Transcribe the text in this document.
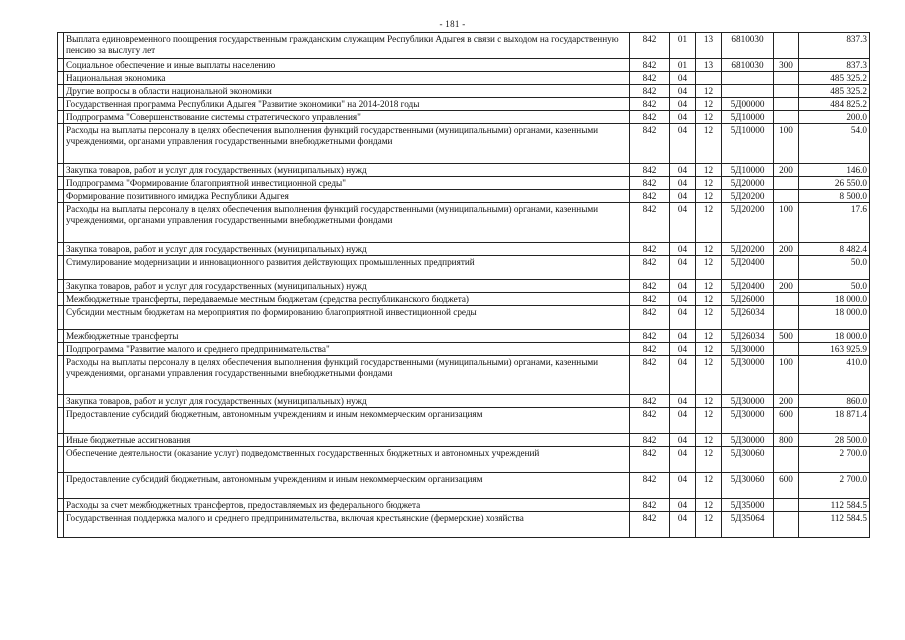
- 181 -
	Выплата единовременного поощрения государственным гражданским служащим Республики Адыгея в связи с выходом на государственную пенсию за выслугу лет	842	01	13	6810030		837.3
	Социальное обеспечение и иные выплаты населению	842	01	13	6810030	300	837.3
	Национальная экономика	842	04				485 325.2
	Другие вопросы в области национальной экономики	842	04	12			485 325.2
	Государственная программа Республики Адыгея "Развитие экономики" на 2014-2018 годы	842	04	12	5Д00000		484 825.2
	Подпрограмма "Совершенствование системы стратегического управления"	842	04	12	5Д10000		200.0
	Расходы на выплаты персоналу в целях обеспечения выполнения функций государственными (муниципальными) органами, казенными учреждениями, органами управления государственными внебюджетными фондами	842	04	12	5Д10000	100	54.0
	Закупка товаров, работ и услуг для государственных (муниципальных) нужд	842	04	12	5Д10000	200	146.0
	Подпрограмма "Формирование благоприятной инвестиционной среды"	842	04	12	5Д20000		26 550.0
	Формирование позитивного имиджа Республики Адыгея	842	04	12	5Д20200		8 500.0
	Расходы на выплаты персоналу в целях обеспечения выполнения функций государственными (муниципальными) органами, казенными учреждениями, органами управления государственными внебюджетными фондами	842	04	12	5Д20200	100	17.6
	Закупка товаров, работ и услуг для государственных (муниципальных) нужд	842	04	12	5Д20200	200	8 482.4
	Стимулирование модернизации и инновационного развития действующих промышленных предприятий	842	04	12	5Д20400		50.0
	Закупка товаров, работ и услуг для государственных (муниципальных) нужд	842	04	12	5Д20400	200	50.0
	Межбюджетные трансферты, передаваемые местным бюджетам (средства республиканского бюджета)	842	04	12	5Д26000		18 000.0
	Субсидии местным бюджетам на мероприятия по формированию благоприятной инвестиционной среды	842	04	12	5Д26034		18 000.0
	Межбюджетные трансферты	842	04	12	5Д26034	500	18 000.0
	Подпрограмма "Развитие малого и среднего предпринимательства"	842	04	12	5Д30000		163 925.9
	Расходы на выплаты персоналу в целях обеспечения выполнения функций государственными (муниципальными) органами, казенными учреждениями, органами управления государственными внебюджетными фондами	842	04	12	5Д30000	100	410.0
	Закупка товаров, работ и услуг для государственных (муниципальных) нужд	842	04	12	5Д30000	200	860.0
	Предоставление субсидий бюджетным, автономным учреждениям и иным некоммерческим организациям	842	04	12	5Д30000	600	18 871.4
	Иные бюджетные ассигнования	842	04	12	5Д30000	800	28 500.0
	Обеспечение деятельности (оказание услуг) подведомственных государственных бюджетных и автономных учреждений	842	04	12	5Д30060		2 700.0
	Предоставление субсидий бюджетным, автономным учреждениям и иным некоммерческим организациям	842	04	12	5Д30060	600	2 700.0
	Расходы за счет межбюджетных трансфертов, предоставляемых из федерального бюджета	842	04	12	5Д35000		112 584.5
	Государственная поддержка малого и среднего предпринимательства, включая крестьянские (фермерские) хозяйства	842	04	12	5Д35064		112 584.5
